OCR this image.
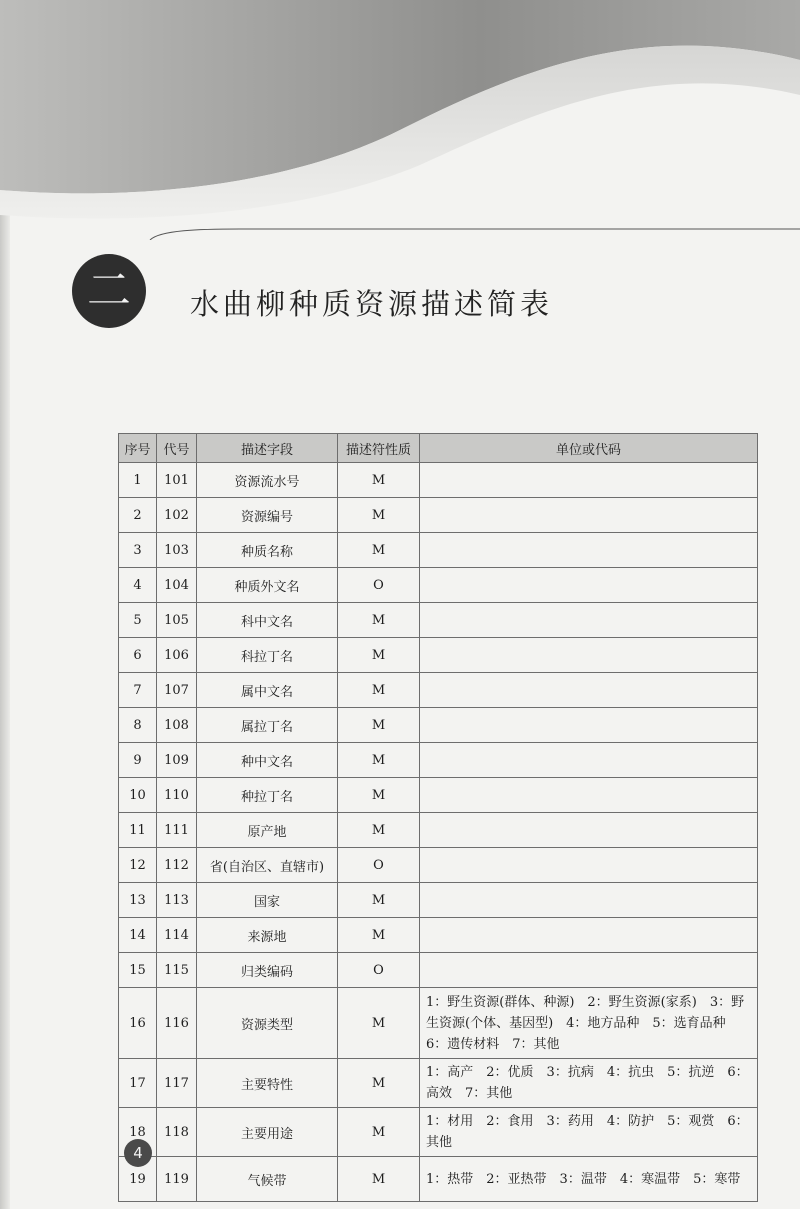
二	水曲柳种质资源描述简表
序号	代号	描述字段	描述符性质	单位或代码
1	101	资源流水号	M	
2	102	资源编号	M	
3	103	种质名称	M	
4	104	种质外文名	O	
5	105	科中文名	M	
6	106	科拉丁名	M	
7	107	属中文名	M	
8	108	属拉丁名	M	
9	109	种中文名	M	
10	110	种拉丁名	M	
11	111	原产地	M	
12	112	省(自治区、直辖市)	O	
13	113	国家	M	
14	114	来源地	M	
15	115	归类编码	O	
16	116	资源类型	M	1：野生资源(群体、种源)　2：野生资源(家系)　3：野生资源(个体、基因型)　4：地方品种　5：选育品种　6：遗传材料　7：其他
17	117	主要特性	M	1：高产　2：优质　3：抗病　4：抗虫　5：抗逆　6：高效　7：其他
18	118	主要用途	M	1：材用　2：食用　3：药用　4：防护　5：观赏　6：其他
19	119	气候带	M	1：热带　2：亚热带　3：温带　4：寒温带　5：寒带
4
